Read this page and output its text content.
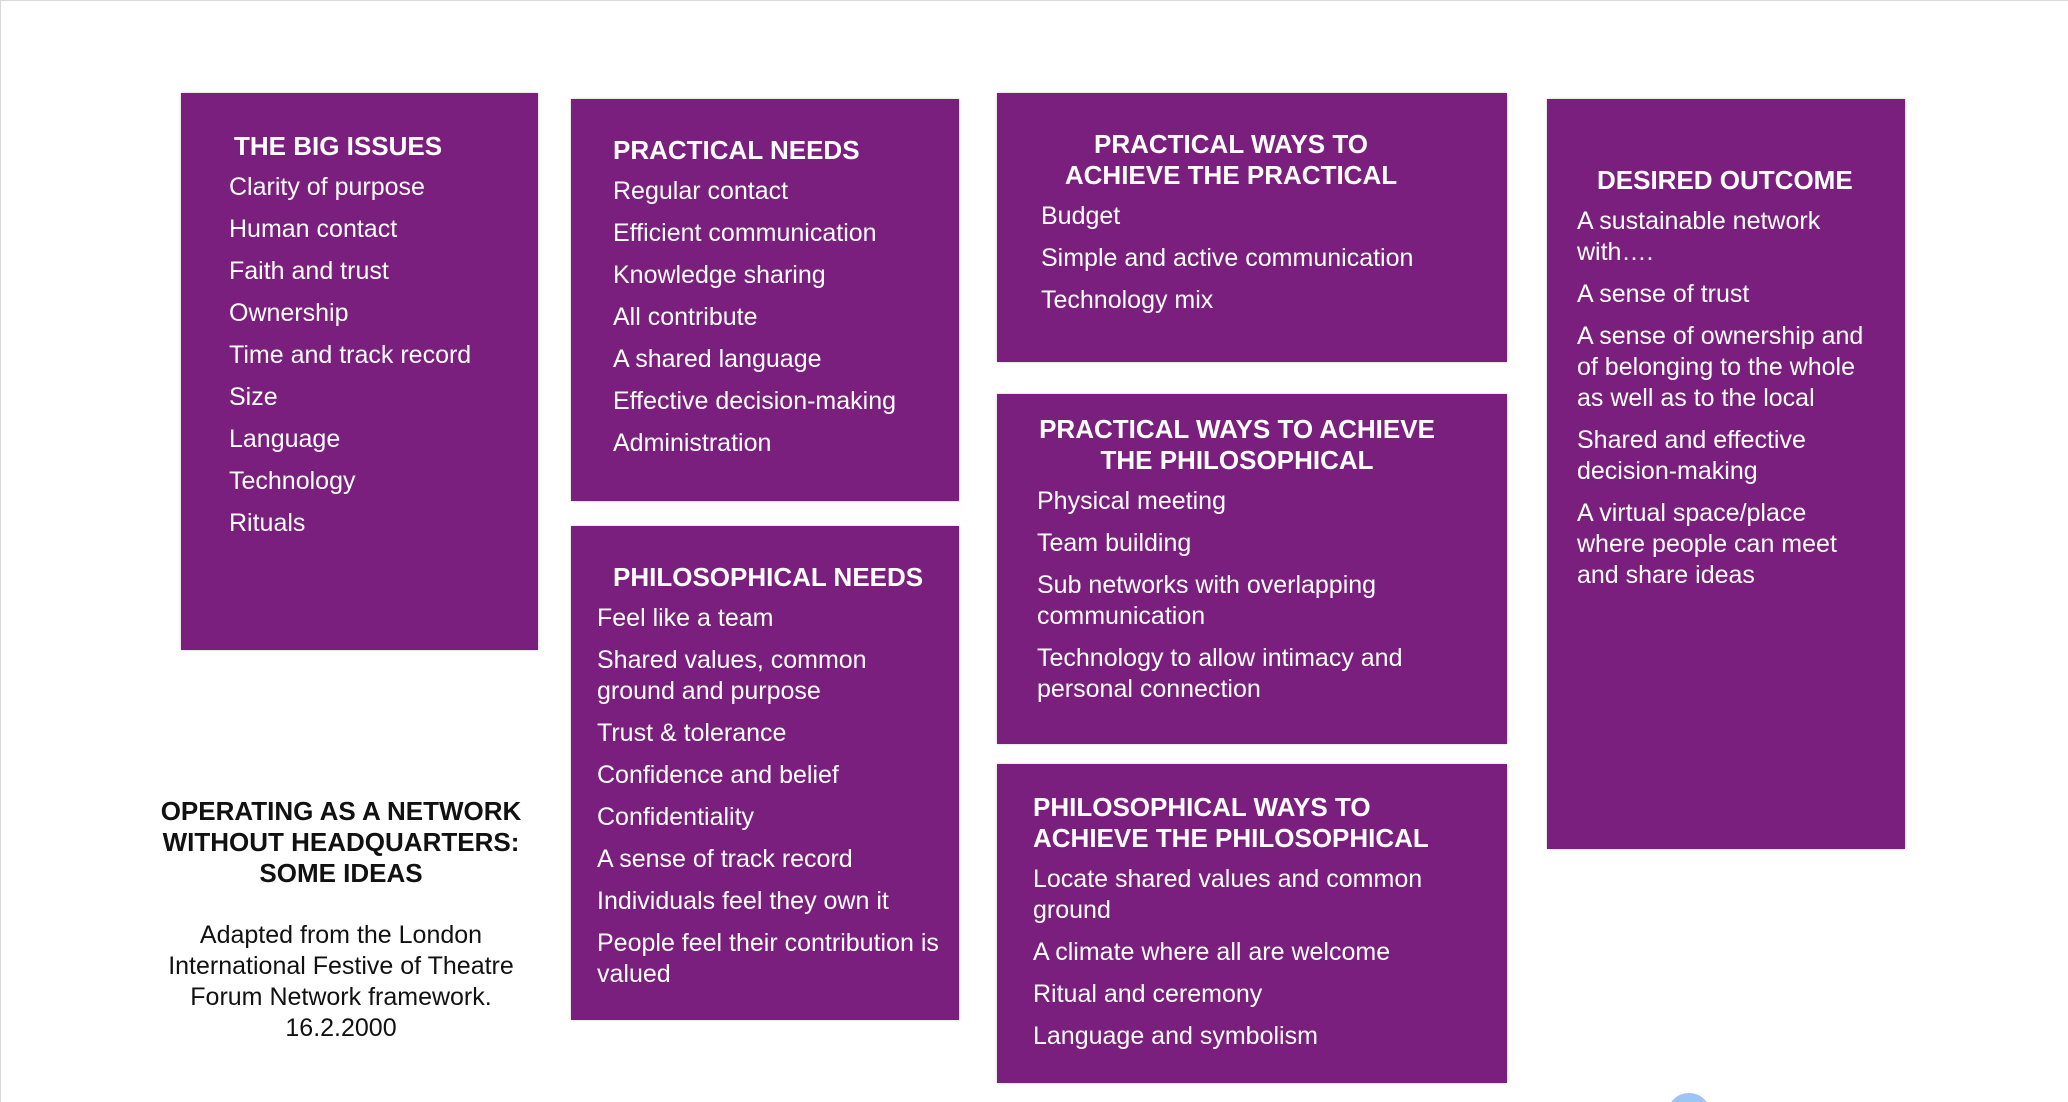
THE BIG ISSUES
Clarity of purpose
Human contact
Faith and trust
Ownership
Time and track record
Size
Language
Technology
Rituals
PRACTICAL NEEDS
Regular contact
Efficient communication
Knowledge sharing
All contribute
A shared language
Effective decision-making
Administration
PHILOSOPHICAL NEEDS
Feel like a team
Shared values, common ground and purpose
Trust & tolerance
Confidence and belief
Confidentiality
A sense of track record
Individuals feel they own it
People feel their contribution is valued
PRACTICAL WAYS TO ACHIEVE THE PRACTICAL
Budget
Simple and active communication
Technology mix
PRACTICAL WAYS TO ACHIEVE THE PHILOSOPHICAL
Physical meeting
Team building
Sub networks with overlapping communication
Technology to allow intimacy and personal connection
PHILOSOPHICAL WAYS TO ACHIEVE THE PHILOSOPHICAL
Locate shared values and common ground
A climate where all are welcome
Ritual and ceremony
Language and symbolism
DESIRED OUTCOME
A sustainable network with….
A sense of trust
A sense of ownership and of belonging to the whole as well as to the local
Shared and effective decision-making
A virtual space/place where people can meet and share ideas

OPERATING AS A NETWORK WITHOUT HEADQUARTERS: SOME IDEAS

Adapted from the London International Festive of Theatre Forum Network framework. 16.2.2000
